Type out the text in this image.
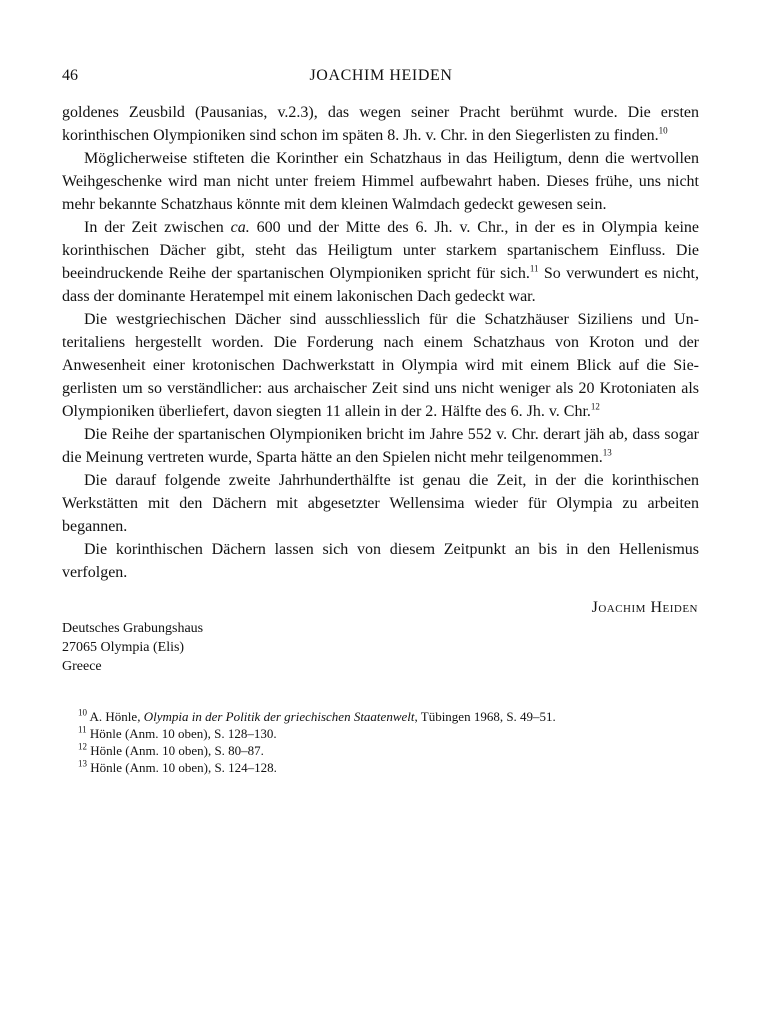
46	JOACHIM HEIDEN

goldenes Zeusbild (Pausanias, v.2.3), das wegen seiner Pracht berühmt wurde. Die ersten korinthischen Olympioniken sind schon im späten 8. Jh. v. Chr. in den Siegerlisten zu finden.$^{10}$

Möglicherweise stifteten die Korinther ein Schatzhaus in das Heiligtum, denn die wertvollen Weihgeschenke wird man nicht unter freiem Himmel aufbewahrt haben. Dieses frühe, uns nicht mehr bekannte Schatzhaus könnte mit dem kleinen Walmdach gedeckt gewesen sein.

In der Zeit zwischen ca. 600 und der Mitte des 6. Jh. v. Chr., in der es in Olympia keine korinthischen Dächer gibt, steht das Heiligtum unter starkem spartanischem Einfluss. Die beeindruckende Reihe der spartanischen Olympioniken spricht für sich.$^{11}$ So verwundert es nicht, dass der dominante Heratempel mit einem lakonischen Dach gedeckt war.

Die westgriechischen Dächer sind ausschliesslich für die Schatzhäuser Siziliens und Unteritaliens hergestellt worden. Die Forderung nach einem Schatzhaus von Kroton und der Anwesenheit einer krotonischen Dachwerkstatt in Olympia wird mit einem Blick auf die Siegerlisten um so verständlicher: aus archaischer Zeit sind uns nicht weniger als 20 Krotoniaten als Olympioniken überliefert, davon siegten 11 allein in der 2. Hälfte des 6. Jh. v. Chr.$^{12}$

Die Reihe der spartanischen Olympioniken bricht im Jahre 552 v. Chr. derart jäh ab, dass sogar die Meinung vertreten wurde, Sparta hätte an den Spielen nicht mehr teilgenommen.$^{13}$

Die darauf folgende zweite Jahrhunderthälfte ist genau die Zeit, in der die korinthischen Werkstätten mit den Dächern mit abgesetzter Wellensima wieder für Olympia zu arbeiten begannen.

Die korinthischen Dächern lassen sich von diesem Zeitpunkt an bis in den Hellenismus verfolgen.

Joachim Heiden
Deutsches Grabungshaus
27065 Olympia (Elis)
Greece
$^{10}$ A. Hönle, Olympia in der Politik der griechischen Staatenwelt, Tübingen 1968, S. 49–51.
$^{11}$ Hönle (Anm. 10 oben), S. 128–130.
$^{12}$ Hönle (Anm. 10 oben), S. 80–87.
$^{13}$ Hönle (Anm. 10 oben), S. 124–128.
